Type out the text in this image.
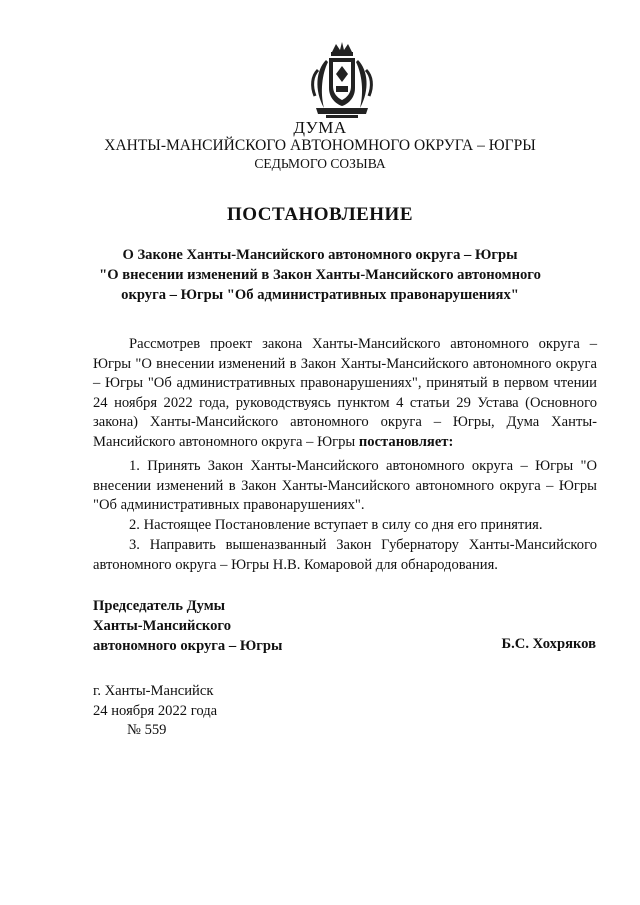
ДУМА
ХАНТЫ-МАНСИЙСКОГО АВТОНОМНОГО ОКРУГА – ЮГРЫ
СЕДЬМОГО СОЗЫВА
ПОСТАНОВЛЕНИЕ
О Законе Ханты-Мансийского автономного округа – Югры
"О внесении изменений в Закон Ханты-Мансийского автономного
округа – Югры "Об административных правонарушениях"
Рассмотрев проект закона Ханты-Мансийского автономного округа – Югры "О внесении изменений в Закон Ханты-Мансийского автономного округа – Югры "Об административных правонарушениях", принятый в первом чтении 24 ноября 2022 года, руководствуясь пунктом 4 статьи 29 Устава (Основного закона) Ханты-Мансийского автономного округа – Югры, Дума Ханты-Мансийского автономного округа – Югры постановляет:
1. Принять Закон Ханты-Мансийского автономного округа – Югры "О внесении изменений в Закон Ханты-Мансийского автономного округа – Югры "Об административных правонарушениях".
2. Настоящее Постановление вступает в силу со дня его принятия.
3. Направить вышеназванный Закон Губернатору Ханты-Мансийского автономного округа – Югры Н.В. Комаровой для обнародования.
Председатель Думы
Ханты-Мансийского
автономного округа – Югры	Б.С. Хохряков
г. Ханты-Мансийск
24 ноября 2022 года
№ 559
